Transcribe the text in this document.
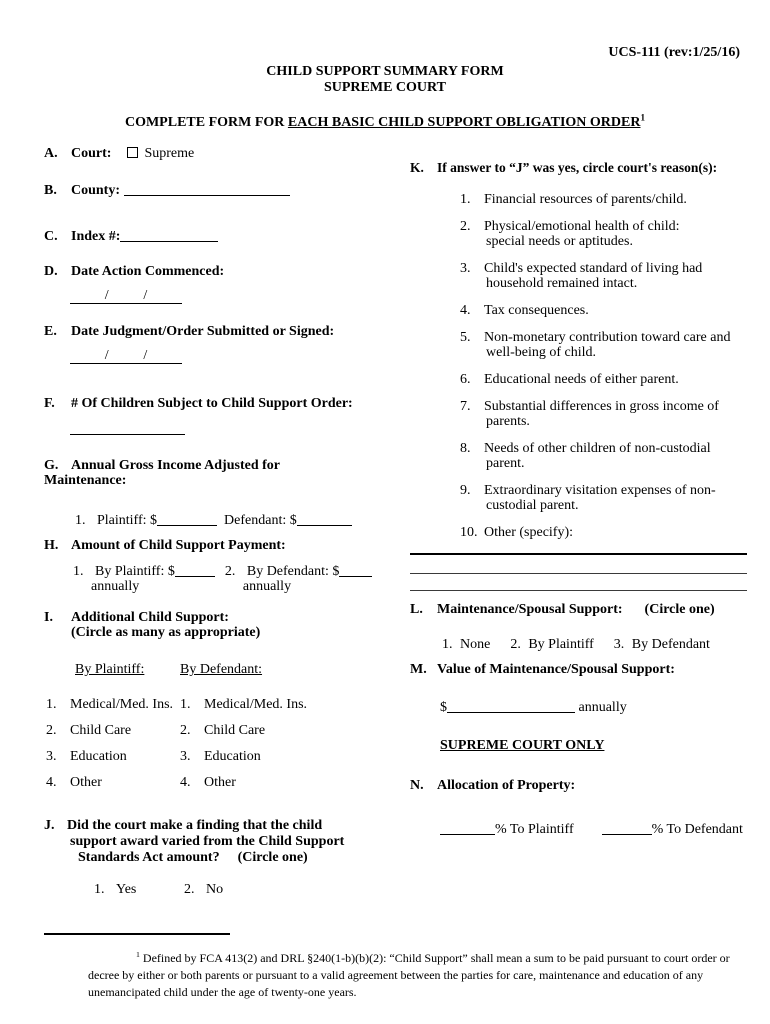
UCS-111 (rev:1/25/16)
CHILD SUPPORT SUMMARY FORM
SUPREME COURT
COMPLETE FORM FOR EACH BASIC CHILD SUPPORT OBLIGATION ORDER$^1$
A. Court: Supreme
B. County:
C. Index #:
D. Date Action Commenced:
/ /
E. Date Judgment/Order Submitted or Signed:
/ /
F. # Of Children Subject to Child Support Order:
G. Annual Gross Income Adjusted for Maintenance:
1. Plaintiff: $	Defendant: $
H. Amount of Child Support Payment:
1. By Plaintiff: $
annually
2. By Defendant: $
annually
I. Additional Child Support:
(Circle as many as appropriate)
By Plaintiff:	By Defendant:
1. Medical/Med. Ins. 1. Medical/Med. Ins.
2. Child Care	2. Child Care
3. Education	3. Education
4. Other	4. Other
J. Did the court make a finding that the child
support award varied from the Child Support
Standards Act amount? (Circle one)
1. Yes	2. No
K. If answer to “J” was yes, circle court's reason(s):
1. Financial resources of parents/child.
2. Physical/emotional health of child:
special needs or aptitudes.
3. Child's expected standard of living had
household remained intact.
4. Tax consequences.
5. Non-monetary contribution toward care and
well-being of child.
6. Educational needs of either parent.
7. Substantial differences in gross income of
parents.
8. Needs of other children of non-custodial
parent.
9. Extraordinary visitation expenses of non-
custodial parent.
10. Other (specify):
L. Maintenance/Spousal Support: (Circle one)
1. None 2. By Plaintiff 3. By Defendant
M. Value of Maintenance/Spousal Support:
$	annually
SUPREME COURT ONLY
N. Allocation of Property:
% To Plaintiff	% To Defendant
$^1$ Defined by FCA 413(2) and DRL §240(1-b)(b)(2): “Child Support” shall mean a sum to be paid pursuant to court order or decree by either or both parents or pursuant to a valid agreement between the parties for care, maintenance and education of any unemancipated child under the age of twenty-one years.
